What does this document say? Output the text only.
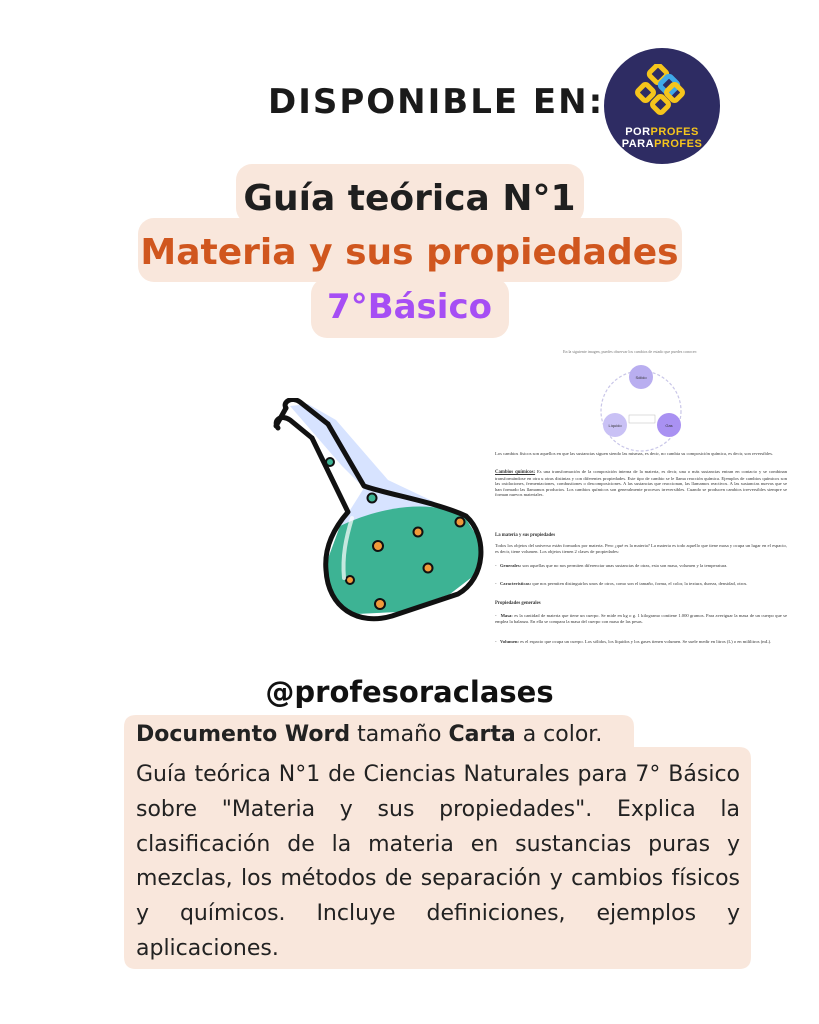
DISPONIBLE EN:
PORPROFES
PARAPROFES
Guía teórica N°1
Materia y sus propiedades
7°Básico
En la siguiente imagen, puedes observar los cambios de estado que puedes conocer:
Sólido
Líquido	Gas
Los cambios físicos son aquellos en que las sustancias siguen siendo las mismas, es decir, no cambia su composición química, es decir, son reversibles.
Cambios químicos: Es una transformación de la composición interna de la materia, es decir, una o más sustancias entran en contacto y se combinan transformándose en otra u otras distintas y con diferentes propiedades. Este tipo de cambio se le llama reacción química. Ejemplos de cambios químicos son las oxidaciones, fermentaciones, combustiones o descomposiciones. A las sustancias que reaccionan, las llamamos reactivos. A las sustancias nuevas que se han formado las llamamos productos. Los cambios químicos son generalmente procesos irreversibles. Cuando se producen cambios irreversibles siempre se forman nuevos materiales.
La materia y sus propiedades
Todos los objetos del universo están formados por materia. Pero ¿qué es la materia? La materia es todo aquello que tiene masa y ocupa un lugar en el espacio, es decir, tiene volumen. Los objetos tienen 2 clases de propiedades:
-   Generales: son aquellas que no nos permiten diferenciar unas sustancias de otras, esta son masa, volumen y la temperatura.
-   Características: que nos permiten distinguirlos unos de otros, como son el tamaño, forma, el color, la textura, dureza, densidad, otros.
Propiedades generales
-   Masa: es la cantidad de materia que tiene un cuerpo. Se mide en kg o g. 1 kilogramo contiene 1.000 gramos. Para averiguar la masa de un cuerpo que se emplea la balanza. En ella se compara la masa del cuerpo con masa de las pesas.
-   Volumen: es el espacio que ocupa un cuerpo. Los sólidos, los líquidos y los gases tienen volumen. Se suele medir en litros (L) o en mililitros (mL).
@profesoraclases
Documento Word tamaño Carta a color.
Guía teórica N°1 de Ciencias Naturales para 7° Básico sobre "Materia y sus propiedades". Explica la clasificación de la materia en sustancias puras y mezclas, los métodos de separación y cambios físicos y químicos. Incluye definiciones, ejemplos y aplicaciones.
